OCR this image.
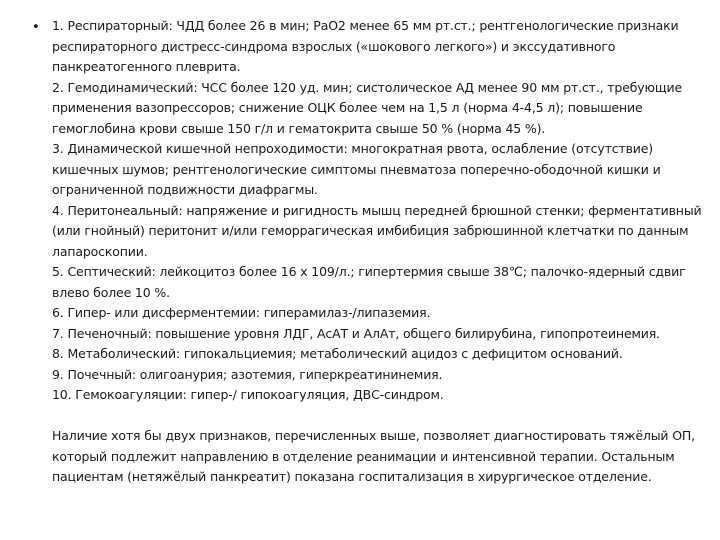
• 1. Респираторный: ЧДД более 26 в мин; РаО2 менее 65 мм рт.ст.; рентгенологические признаки респираторного дистресс-синдрома взрослых («шокового легкого») и экссудативного панкреатогенного плеврита.

2. Гемодинамический: ЧСС более 120 уд. мин; систолическое АД менее 90 мм рт.ст., требующие применения вазопрессоров; снижение ОЦК более чем на 1,5 л (норма 4-4,5 л); повышение гемоглобина крови свыше 150 г/л и гематокрита свыше 50 % (норма 45 %).

3. Динамической кишечной непроходимости: многократная рвота, ослабление (отсутствие) кишечных шумов; рентгенологические симптомы пневматоза поперечно-ободочной кишки и ограниченной подвижности диафрагмы.

4. Перитонеальный: напряжение и ригидность мышц передней брюшной стенки; ферментативный (или гнойный) перитонит и/или геморрагическая имбибиция забрюшинной клетчатки по данным лапароскопии.

5. Септический: лейкоцитоз более 16 x 109/л.; гипертермия свыше 38℃; палочко-ядерный сдвиг влево более 10 %.

6. Гипер- или дисферментемии: гиперамилаз-/липаземия.

7. Печеночный: повышение уровня ЛДГ, АсАТ и АлАт, общего билирубина, гипопротеинемия.

8. Метаболический: гипокальциемия; метаболический ацидоз с дефицитом оснований.

9. Почечный: олигоанурия; азотемия, гиперкреатининемия.

10. Гемокоагуляции: гипер-/ гипокоагуляция, ДВС-синдром.

Наличие хотя бы двух признаков, перечисленных выше, позволяет диагностировать тяжёлый ОП, который подлежит направлению в отделение реанимации и интенсивной терапии. Остальным пациентам (нетяжёлый панкреатит) показана госпитализация в хирургическое отделение.
